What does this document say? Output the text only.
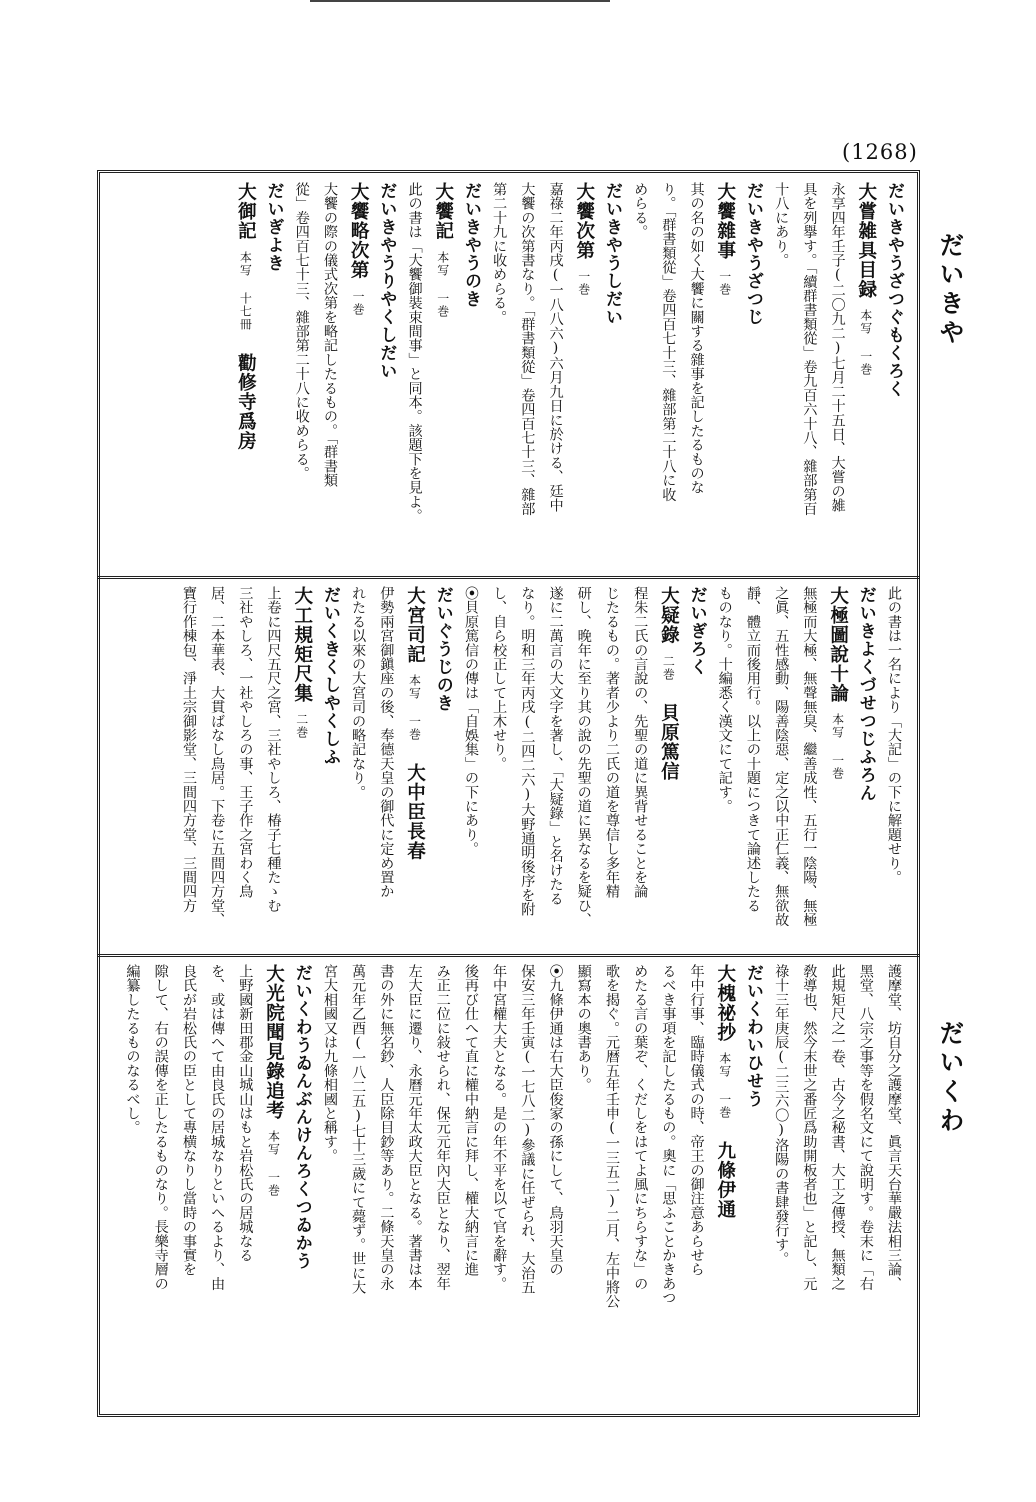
(1268)
だいきや
だいくわ

だいきやうざつぐもくろく

大嘗雑具目録本写 一巻

永享四年壬子(二〇九二)七月二十五日、大嘗の雑

具を列擧す。「續群書類從」卷九百六十八、雜部第百

十八にあり。

だいきやうざつじ

大饗雜事一巻

其の名の如く大饗に關する雜事を記したるものな

り。「群書類從」卷四百七十三、雜部第二十八に收

めらる。

だいきやうしだい

大饗次第一巻

嘉祿二年丙戌(一八八六)六月九日に於ける、廷中

大饗の次第書なり。「群書類從」卷四百七十三、雜部

第二十九に收めらる。

だいきやうのき

大饗記本写 一巻

此の書は「大饗御裝束間事」と同本。該題下を見よ。

だいきやうりやくしだい

大饗略次第一巻

大饗の際の儀式次第を略記したるもの。「群書類

從」卷四百七十三、雜部第二十八に收めらる。

だいぎよき

大御記本写 十七冊勸修寺爲房

此の書は一名により「大記」の下に解題せり。

だいきよくづせつじふろん

大極圖說十論本写 一巻

無極而大極、無聲無臭、繼善成性、五行一陰陽、無極

之眞、五性感動、陽善陰惡、定之以中正仁義、無欲故

靜、體立而後用行。以上の十題につきて論述したる

ものなり。十編悉く漢文にて記す。

だいぎろく

大疑錄二巻貝原篤信

程朱二氏の言說の、先聖の道に異背せることを論

じたるもの。著者少より二氏の道を尊信し多年精

研し、晚年に至り其の說の先聖の道に異なるを疑ひ、

遂に二萬言の大文字を著し、「大疑錄」と名けたる

なり。明和三年丙戌(二四二六)大野通明後序を附

し、自ら校正して上木せり。

⦿貝原篤信の傳は「自娛集」の下にあり。

だいぐうじのき

大宮司記本写 一巻大中臣長春

伊勢兩宮御鎭座の後、奉德天皇の御代に定め置か

れたる以來の大宮司の略記なり。

だいくきくしやくしふ

大工規矩尺集二巻

上卷に四尺五尺之宮、三社やしろ、椿子七種たゝむ

三社やしろ、一社やしろの事、王子作之宮わく鳥

居、二本華表、大貫ばなし鳥居。下卷に五間四方堂、

寶行作棟包、淨土宗御影堂、三間四方堂、三間四方

護摩堂、坊自分之護摩堂、眞言天台華嚴法相三論、

黑堂、八宗之事等を假名文にて說明す。卷末に「右

此規矩尺之一卷、古今之秘書、大工之傳授、無類之

敎導也、然今末世之番匠爲助開板者也」と記し、元

祿十三年庚辰(二三六〇)洛陽の書肆發行す。

だいくわいひせう

大槐祕抄本写 一巻九條伊通

年中行事、臨時儀式の時、帝王の御注意あらせら

るべき事項を記したるもの。奧に「思ふことかきあつ

めたる言の葉ぞ、くだしをはてよ風にちらすな」の

歌を揭ぐ。元暦五年壬申(一三五二)二月、左中將公

顯寫本の奧書あり。

⦿九條伊通は右大臣俊家の孫にして、鳥羽天皇の

保安三年壬寅(一七八二)參議に任ぜられ、大治五

年中宮權大夫となる。是の年不平を以て官を辭す。

後再び仕へて直に權中納言に拜し、權大納言に進

み正二位に敍せられ、保元元年內大臣となり、翌年

左大臣に遷り、永曆元年太政大臣となる。著書は本

書の外に無名鈔、人臣除目鈔等あり。二條天皇の永

萬元年乙酉(一八二五)七十三歲にて薨ず。世に大

宮大相國又は九條相國と稱す。

だいくわうゐんぶんけんろくつゐかう

大光院聞見錄追考本写 一巻

上野國新田郡金山城山はもと岩松氏の居城なる

を、或は傳へて由良氏の居城なりといへるより、由

良氏が岩松氏の臣として專横なりし當時の事實を

隙して、右の誤傳を正したるものなり。長樂寺層の

編纂したるものなるべし。
